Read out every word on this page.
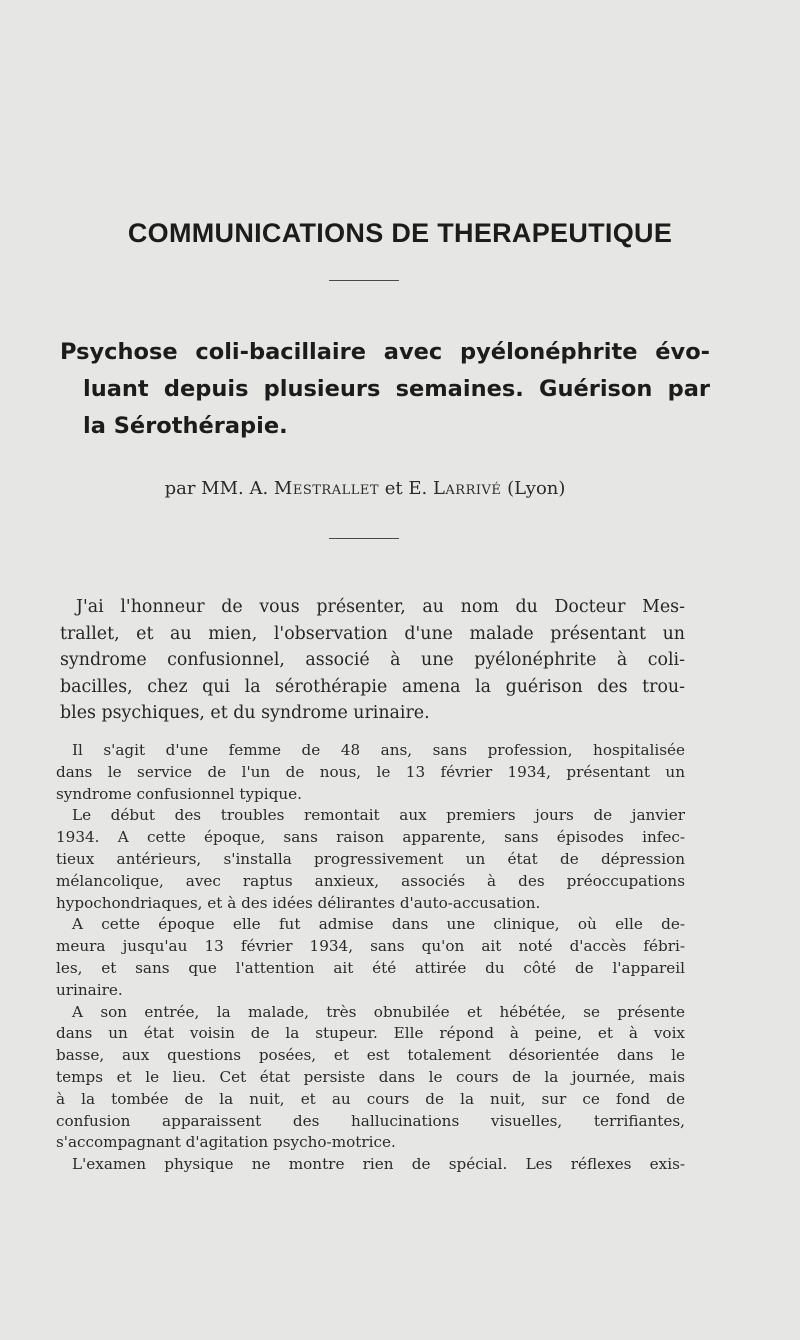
COMMUNICATIONS DE THERAPEUTIQUE
Psychose coli-bacillaire avec pyélonéphrite évo-
luant depuis plusieurs semaines. Guérison par
la Sérothérapie.
par MM. A. Mestrallet et E. Larrivé (Lyon)
J'ai l'honneur de vous présenter, au nom du Docteur Mes-
trallet, et au mien, l'observation d'une malade présentant un
syndrome confusionnel, associé à une pyélonéphrite à coli-
bacilles, chez qui la sérothérapie amena la guérison des trou-
bles psychiques, et du syndrome urinaire.
Il s'agit d'une femme de 48 ans, sans profession, hospitalisée
dans le service de l'un de nous, le 13 février 1934, présentant un
syndrome confusionnel typique.
Le début des troubles remontait aux premiers jours de janvier
1934. A cette époque, sans raison apparente, sans épisodes infec-
tieux antérieurs, s'installa progressivement un état de dépression
mélancolique, avec raptus anxieux, associés à des préoccupations
hypochondriaques, et à des idées délirantes d'auto-accusation.
A cette époque elle fut admise dans une clinique, où elle de-
meura jusqu'au 13 février 1934, sans qu'on ait noté d'accès fébri-
les, et sans que l'attention ait été attirée du côté de l'appareil
urinaire.
A son entrée, la malade, très obnubilée et hébétée, se présente
dans un état voisin de la stupeur. Elle répond à peine, et à voix
basse, aux questions posées, et est totalement désorientée dans le
temps et le lieu. Cet état persiste dans le cours de la journée, mais
à la tombée de la nuit, et au cours de la nuit, sur ce fond de
confusion apparaissent des hallucinations visuelles, terrifiantes,
s'accompagnant d'agitation psycho-motrice.
L'examen physique ne montre rien de spécial. Les réflexes exis-
